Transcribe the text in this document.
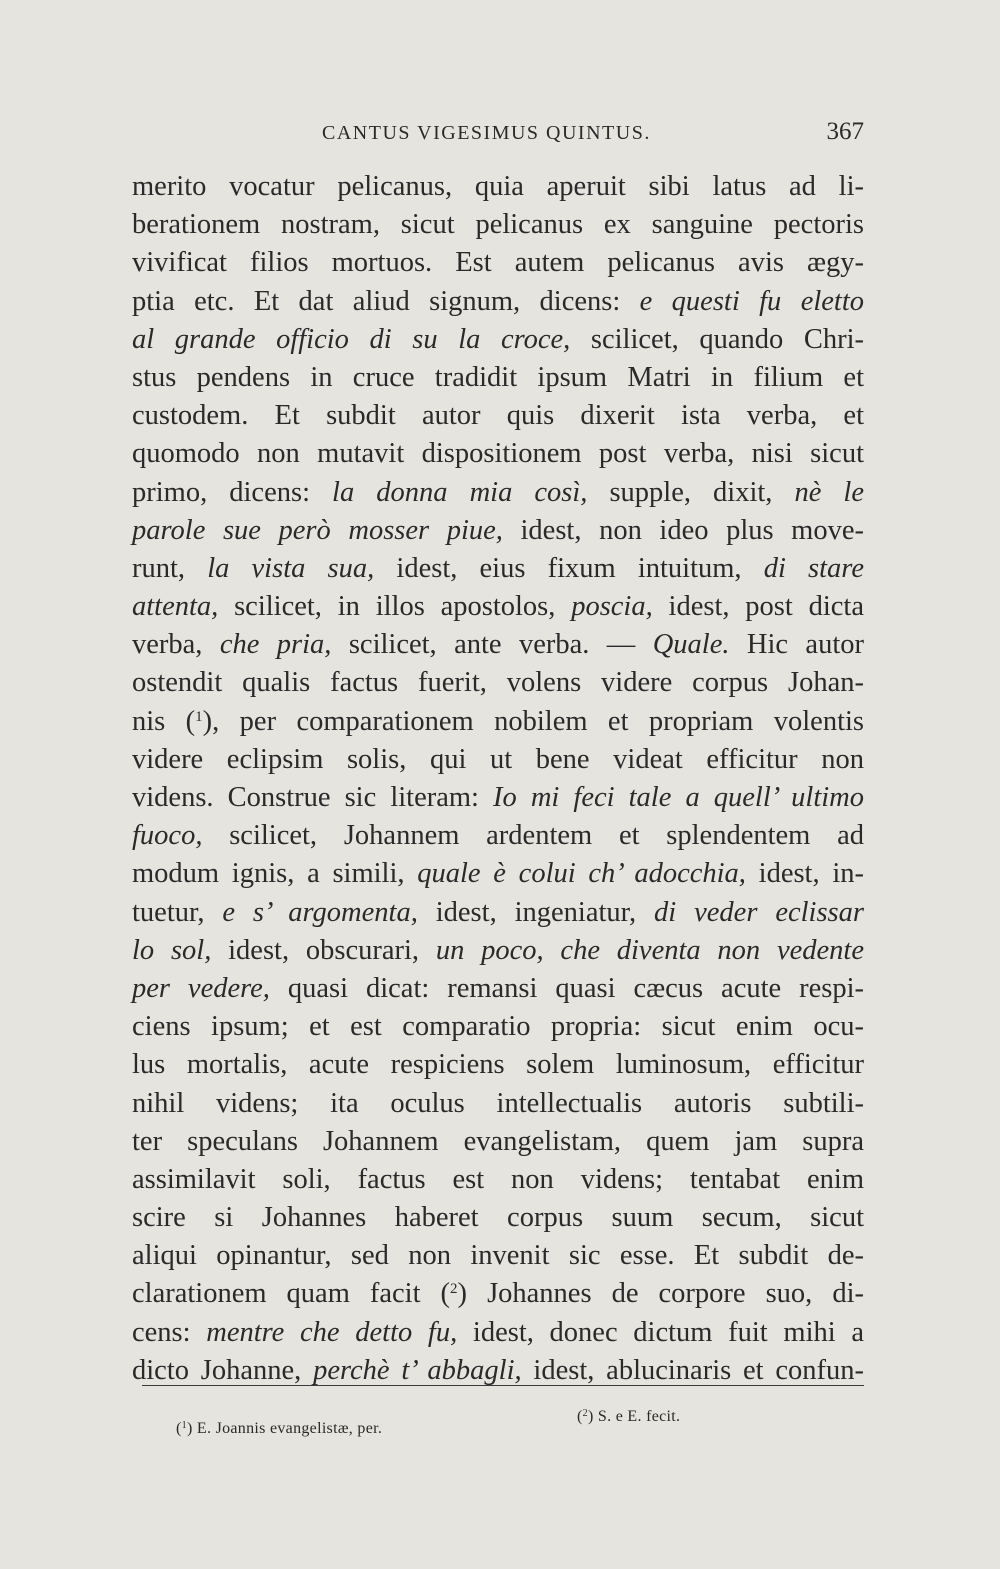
CANTUS VIGESIMUS QUINTUS.	367
merito vocatur pelicanus, quia aperuit sibi latus ad li-
berationem nostram, sicut pelicanus ex sanguine pectoris
vivificat filios mortuos. Est autem pelicanus avis ægy-
ptia etc. Et dat aliud signum, dicens: e questi fu eletto
al grande officio di su la croce, scilicet, quando Chri-
stus pendens in cruce tradidit ipsum Matri in filium et
custodem. Et subdit autor quis dixerit ista verba, et
quomodo non mutavit dispositionem post verba, nisi sicut
primo, dicens: la donna mia così, supple, dixit, nè le
parole sue però mosser piue, idest, non ideo plus move-
runt, la vista sua, idest, eius fixum intuitum, di stare
attenta, scilicet, in illos apostolos, poscia, idest, post dicta
verba, che pria, scilicet, ante verba. — Quale. Hic autor
ostendit qualis factus fuerit, volens videre corpus Johan-
nis ($^1$), per comparationem nobilem et propriam volentis
videre eclipsim solis, qui ut bene videat efficitur non
videns. Construe sic literam: Io mi feci tale a quell’ ultimo
fuoco, scilicet, Johannem ardentem et splendentem ad
modum ignis, a simili, quale è colui ch’ adocchia, idest, in-
tuetur, e s’ argomenta, idest, ingeniatur, di veder eclissar
lo sol, idest, obscurari, un poco, che diventa non vedente
per vedere, quasi dicat: remansi quasi cæcus acute respi-
ciens ipsum; et est comparatio propria: sicut enim ocu-
lus mortalis, acute respiciens solem luminosum, efficitur
nihil videns; ita oculus intellectualis autoris subtili-
ter speculans Johannem evangelistam, quem jam supra
assimilavit soli, factus est non videns; tentabat enim
scire si Johannes haberet corpus suum secum, sicut
aliqui opinantur, sed non invenit sic esse. Et subdit de-
clarationem quam facit ($^2$) Johannes de corpore suo, di-
cens: mentre che detto fu, idest, donec dictum fuit mihi a
dicto Johanne, perchè t’ abbagli, idest, ablucinaris et confun-
($^1$) E. Joannis evangelistæ, per.
($^2$) S. e E. fecit.
